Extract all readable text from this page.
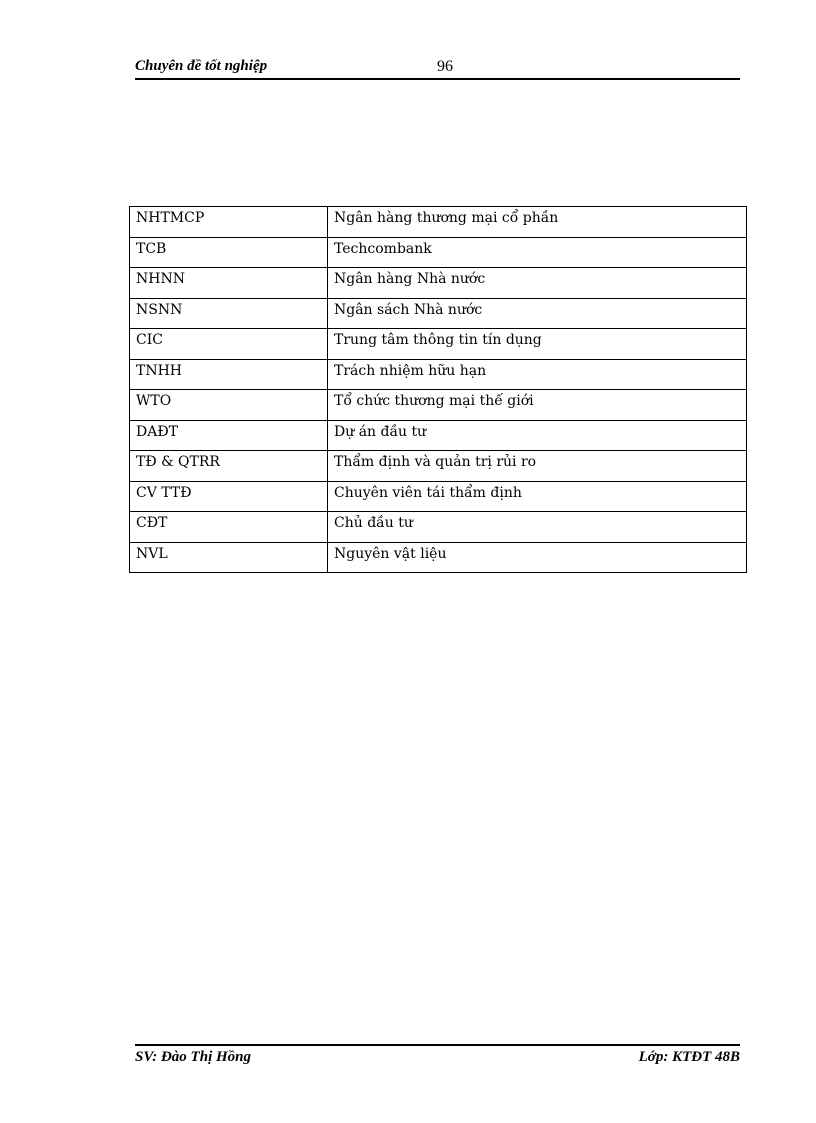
Chuyên đề tốt nghiệp	96
NHTMCP	Ngân hàng thương mại cổ phần
TCB	Techcombank
NHNN	Ngân hàng Nhà nước
NSNN	Ngân sách Nhà nước
CIC	Trung tâm thông tin tín dụng
TNHH	Trách nhiệm hữu hạn
WTO	Tổ chức thương mại thế giới
DAĐT	Dự án đầu tư
TĐ & QTRR	Thẩm định và quản trị rủi ro
CV TTĐ	Chuyên viên tái thẩm định
CĐT	Chủ đầu tư
NVL	Nguyên vật liệu
SV: Đào Thị Hồng	Lớp: KTĐT 48B
